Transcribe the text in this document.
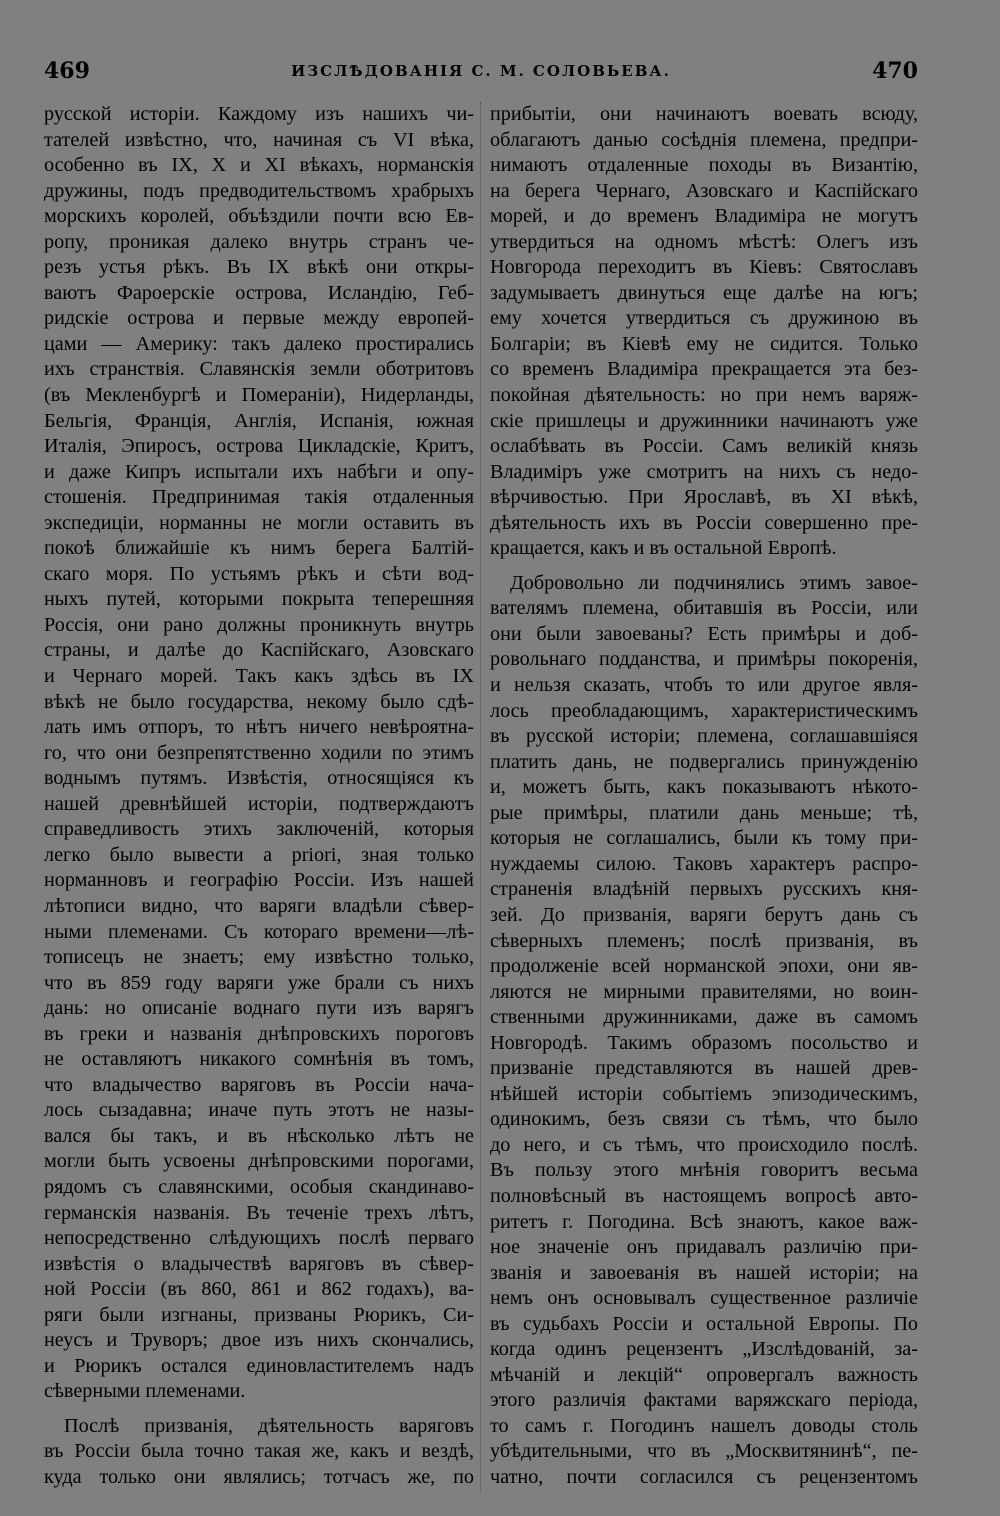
469	ИЗСЛѢДОВАНІЯ С. М. СОЛОВЬЕВА.	470

русской исторіи. Каждому изъ нашихъ чи-

тателей извѣстно, что, начиная съ VI вѣка,

особенно въ IX, X и XI вѣкахъ, норманскія

дружины, подъ предводительствомъ храбрыхъ

морскихъ королей, объѣздили почти всю Ев-

ропу, проникая далеко внутрь странъ че-

резъ устья рѣкъ. Въ IX вѣкѣ они откры-

ваютъ Фароерскіе острова, Исландію, Геб-

ридскіе острова и первые между европей-

цами — Америку: такъ далеко простирались

ихъ странствія. Славянскія земли оботритовъ

(въ Мекленбургѣ и Помераніи), Нидерланды,

Бельгія, Франція, Англія, Испанія, южная

Италія, Эпиросъ, острова Цикладскіе, Критъ,

и даже Кипръ испытали ихъ набѣги и опу-

стошенія. Предпринимая такія отдаленныя

экспедиціи, норманны не могли оставить въ

покоѣ ближайшіе къ нимъ берега Балтій-

скаго моря. По устьямъ рѣкъ и сѣти вод-

ныхъ путей, которыми покрыта теперешняя

Россія, они рано должны проникнуть внутрь

страны, и далѣе до Каспійскаго, Азовскаго

и Чернаго морей. Такъ какъ здѣсь въ IX

вѣкѣ не было государства, некому было сдѣ-

лать имъ отпоръ, то нѣтъ ничего невѣроятна-

го, что они безпрепятственно ходили по этимъ

воднымъ путямъ. Извѣстія, относящіяся къ

нашей древнѣйшей исторіи, подтверждаютъ

справедливость этихъ заключеній, которыя

легко было вывести a priori, зная только

норманновъ и географію Россіи. Изъ нашей

лѣтописи видно, что варяги владѣли сѣвер-

ными племенами. Съ котораго времени—лѣ-

тописецъ не знаетъ; ему извѣстно только,

что въ 859 году варяги уже брали съ нихъ

дань: но описаніе воднаго пути изъ варягъ

въ греки и названія днѣпровскихъ пороговъ

не оставляютъ никакого сомнѣнія въ томъ,

что владычество варяговъ въ Россіи нача-

лось сызадавна; иначе путь этотъ не назы-

вался бы такъ, и въ нѣсколько лѣтъ не

могли быть усвоены днѣпровскими порогами,

рядомъ съ славянскими, особыя скандинаво-

германскія названія. Въ теченіе трехъ лѣтъ,

непосредственно слѣдующихъ послѣ перваго

извѣстія о владычествѣ варяговъ въ сѣвер-

ной Россіи (въ 860, 861 и 862 годахъ), ва-

ряги были изгнаны, призваны Рюрикъ, Си-

неусъ и Труворъ; двое изъ нихъ скончались,

и Рюрикъ остался единовластителемъ надъ

сѣверными племенами.

Послѣ призванія, дѣятельность варяговъ

въ Россіи была точно такая же, какъ и вездѣ,

куда только они являлись; тотчасъ же, по

прибытіи, они начинаютъ воевать всюду,

облагаютъ данью сосѣднія племена, предпри-

нимаютъ отдаленные походы въ Византію,

на берега Чернаго, Азовскаго и Каспійскаго

морей, и до временъ Владиміра не могутъ

утвердиться на одномъ мѣстѣ: Олегъ изъ

Новгорода переходитъ въ Кіевъ: Святославъ

задумываетъ двинуться еще далѣе на югъ;

ему хочется утвердиться съ дружиною въ

Болгаріи; въ Кіевѣ ему не сидится. Только

со временъ Владиміра прекращается эта без-

покойная дѣятельность: но при немъ варяж-

скіе пришлецы и дружинники начинаютъ уже

ослабѣвать въ Россіи. Самъ великій князь

Владиміръ уже смотритъ на нихъ съ недо-

вѣрчивостью. При Ярославѣ, въ XI вѣкѣ,

дѣятельность ихъ въ Россіи совершенно пре-

кращается, какъ и въ остальной Европѣ.

Добровольно ли подчинялись этимъ завое-

вателямъ племена, обитавшія въ Россіи, или

они были завоеваны? Есть примѣры и доб-

ровольнаго подданства, и примѣры покоренія,

и нельзя сказать, чтобъ то или другое явля-

лось преобладающимъ, характеристическимъ

въ русской исторіи; племена, соглашавшіяся

платить дань, не подвергались принужденію

и, можетъ быть, какъ показываютъ нѣкото-

рые примѣры, платили дань меньше; тѣ,

которыя не соглашались, были къ тому при-

нуждаемы силою. Таковъ характеръ распро-

страненія владѣній первыхъ русскихъ кня-

зей. До призванія, варяги берутъ дань съ

сѣверныхъ племенъ; послѣ призванія, въ

продолженіе всей норманской эпохи, они яв-

ляются не мирными правителями, но воин-

ственными дружинниками, даже въ самомъ

Новгородѣ. Такимъ образомъ посольство и

призваніе представляются въ нашей древ-

нѣйшей исторіи событіемъ эпизодическимъ,

одинокимъ, безъ связи съ тѣмъ, что было

до него, и съ тѣмъ, что происходило послѣ.

Въ пользу этого мнѣнія говоритъ весьма

полновѣсный въ настоящемъ вопросѣ авто-

ритетъ г. Погодина. Всѣ знаютъ, какое важ-

ное значеніе онъ придавалъ различію при-

званія и завоеванія въ нашей исторіи; на

немъ онъ основывалъ существенное различіе

въ судьбахъ Россіи и остальной Европы. По

когда одинъ рецензентъ „Изслѣдованій, за-

мѣчаній и лекцій“ опровергалъ важность

этого различія фактами варяжскаго періода,

то самъ г. Погодинъ нашелъ доводы столь

убѣдительными, что въ „Москвитянинѣ“, пе-

чатно, почти согласился съ рецензентомъ
